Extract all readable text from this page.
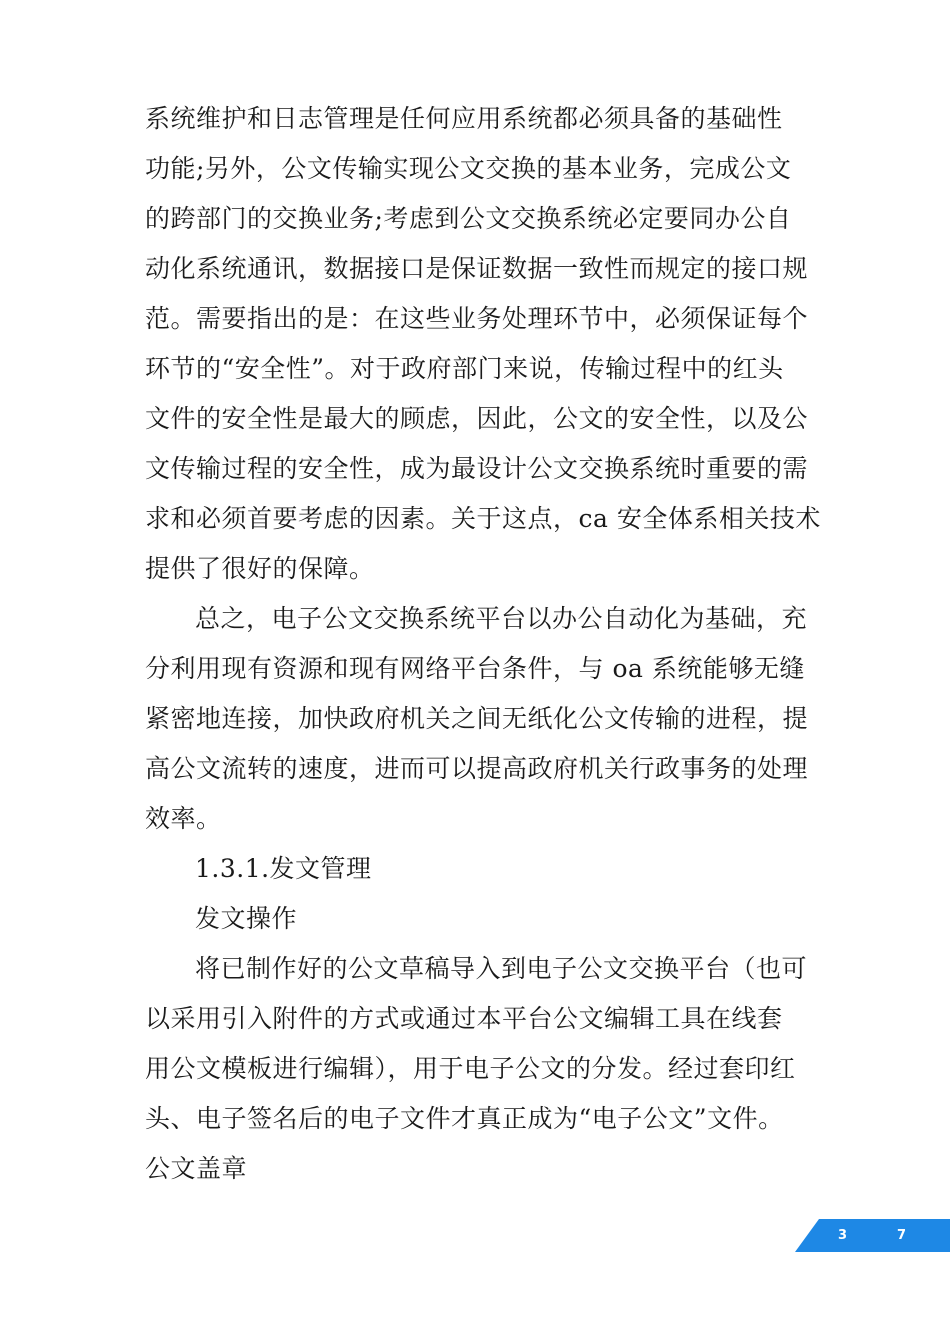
系统维护和日志管理是任何应用系统都必须具备的基础性
功能;另外，公文传输实现公文交换的基本业务，完成公文
的跨部门的交换业务;考虑到公文交换系统必定要同办公自
动化系统通讯，数据接口是保证数据一致性而规定的接口规
范。需要指出的是：在这些业务处理环节中，必须保证每个
环节的“安全性”。对于政府部门来说，传输过程中的红头
文件的安全性是最大的顾虑，因此，公文的安全性，以及公
文传输过程的安全性，成为最设计公文交换系统时重要的需
求和必须首要考虑的因素。关于这点，ca 安全体系相关技术
提供了很好的保障。
总之，电子公文交换系统平台以办公自动化为基础，充
分利用现有资源和现有网络平台条件，与 oa 系统能够无缝
紧密地连接，加快政府机关之间无纸化公文传输的进程，提
高公文流转的速度，进而可以提高政府机关行政事务的处理
效率。
1.3.1.发文管理
发文操作
将已制作好的公文草稿导入到电子公文交换平台（也可
以采用引入附件的方式或通过本平台公文编辑工具在线套
用公文模板进行编辑），用于电子公文的分发。经过套印红
头、电子签名后的电子文件才真正成为“电子公文”文件。
公文盖章
3	7
